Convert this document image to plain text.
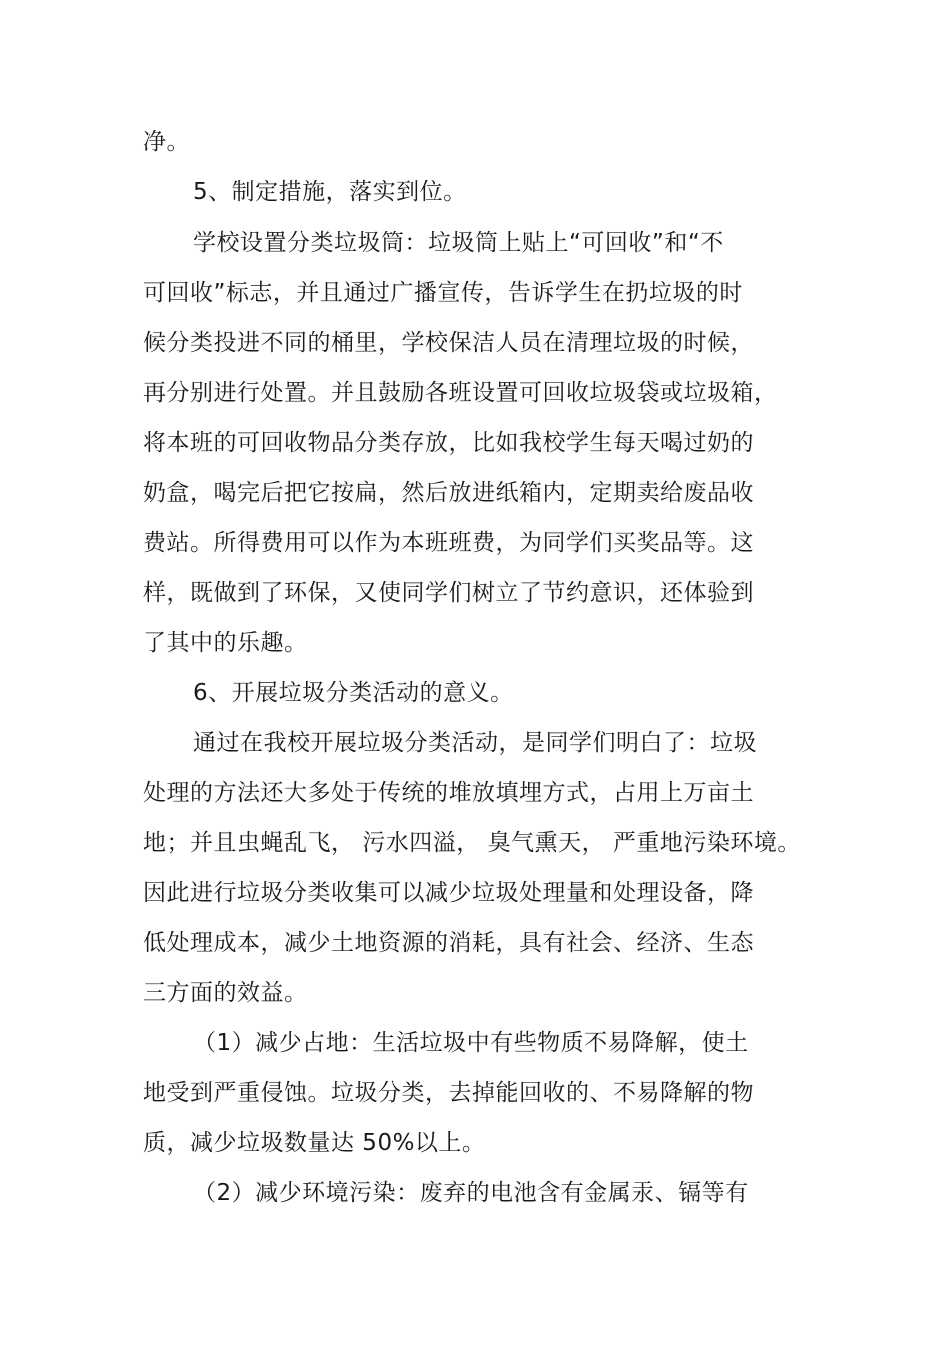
净。
5、制定措施，落实到位。
学校设置分类垃圾筒：垃圾筒上贴上“可回收”和“不
可回收”标志，并且通过广播宣传，告诉学生在扔垃圾的时
候分类投进不同的桶里，学校保洁人员在清理垃圾的时候，
再分别进行处置。并且鼓励各班设置可回收垃圾袋或垃圾箱，
将本班的可回收物品分类存放，比如我校学生每天喝过奶的
奶盒，喝完后把它按扁，然后放进纸箱内，定期卖给废品收
费站。所得费用可以作为本班班费，为同学们买奖品等。这
样，既做到了环保，又使同学们树立了节约意识，还体验到
了其中的乐趣。
6、开展垃圾分类活动的意义。
通过在我校开展垃圾分类活动，是同学们明白了：垃圾
处理的方法还大多处于传统的堆放填埋方式，占用上万亩土
地；并且虫蝇乱飞， 污水四溢， 臭气熏天， 严重地污染环境。
因此进行垃圾分类收集可以减少垃圾处理量和处理设备，降
低处理成本，减少土地资源的消耗，具有社会、经济、生态
三方面的效益。
（1）减少占地：生活垃圾中有些物质不易降解，使土
地受到严重侵蚀。垃圾分类，去掉能回收的、不易降解的物
质，减少垃圾数量达 50%以上。
（2）减少环境污染：废弃的电池含有金属汞、镉等有
